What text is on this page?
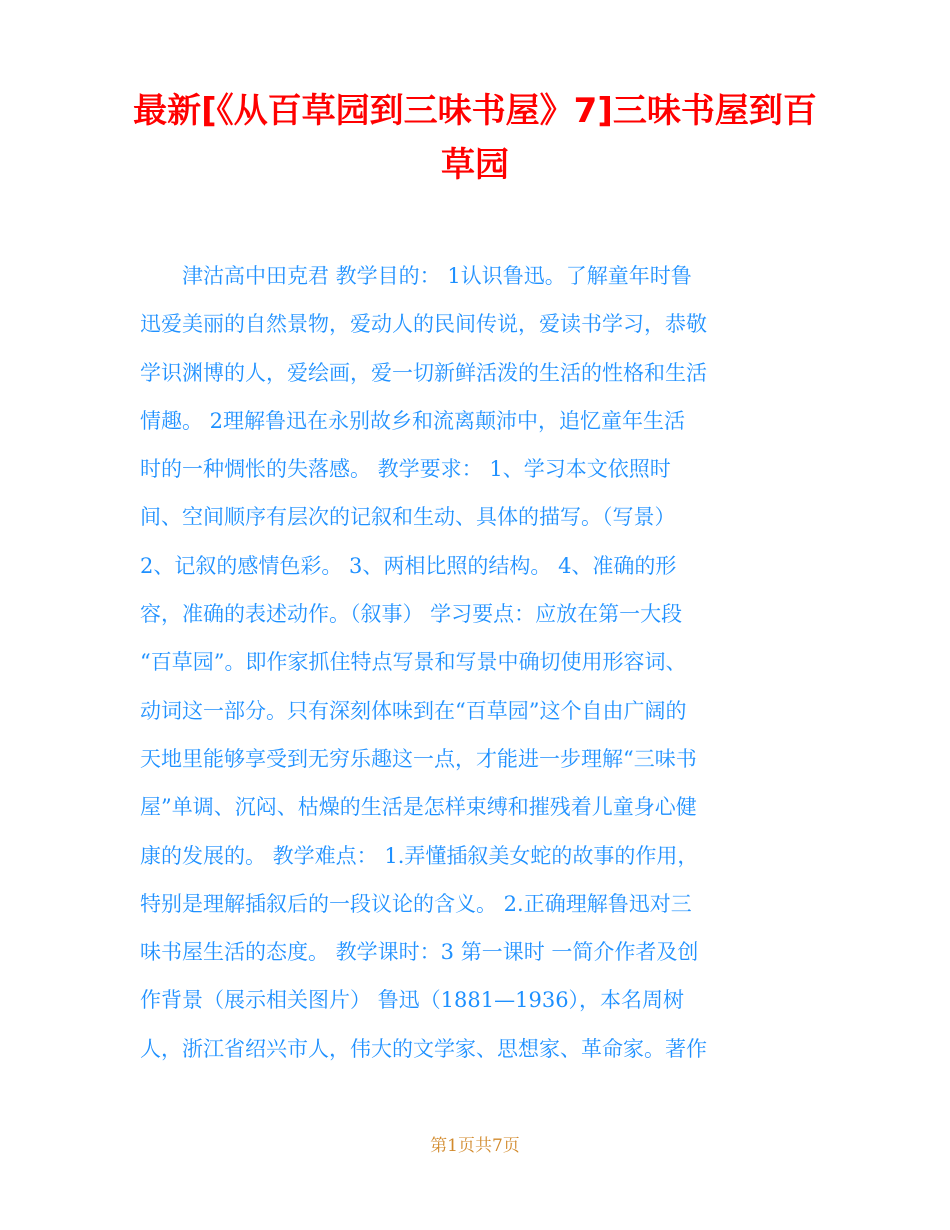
最新[《从百草园到三味书屋》7]三味书屋到百
草园
　　津沽高中田克君 教学目的： 1认识鲁迅。了解童年时鲁
迅爱美丽的自然景物，爱动人的民间传说，爱读书学习，恭敬
学识渊博的人，爱绘画，爱一切新鲜活泼的生活的性格和生活
情趣。 2理解鲁迅在永别故乡和流离颠沛中，追忆童年生活
时的一种惆怅的失落感。 教学要求： 1、学习本文依照时
间、空间顺序有层次的记叙和生动、具体的描写。（写景）
2、记叙的感情色彩。 3、两相比照的结构。 4、准确的形
容，准确的表述动作。（叙事） 学习要点：应放在第一大段
“百草园”。即作家抓住特点写景和写景中确切使用形容词、
动词这一部分。只有深刻体味到在“百草园”这个自由广阔的
天地里能够享受到无穷乐趣这一点，才能进一步理解“三味书
屋”单调、沉闷、枯燥的生活是怎样束缚和摧残着儿童身心健
康的发展的。 教学难点： 1.弄懂插叙美女蛇的故事的作用，
特别是理解插叙后的一段议论的含义。 2.正确理解鲁迅对三
味书屋生活的态度。 教学课时：3 第一课时 一简介作者及创
作背景（展示相关图片） 鲁迅（1881—1936），本名周树
人，浙江省绍兴市人，伟大的文学家、思想家、革命家。著作
第1页共7页
